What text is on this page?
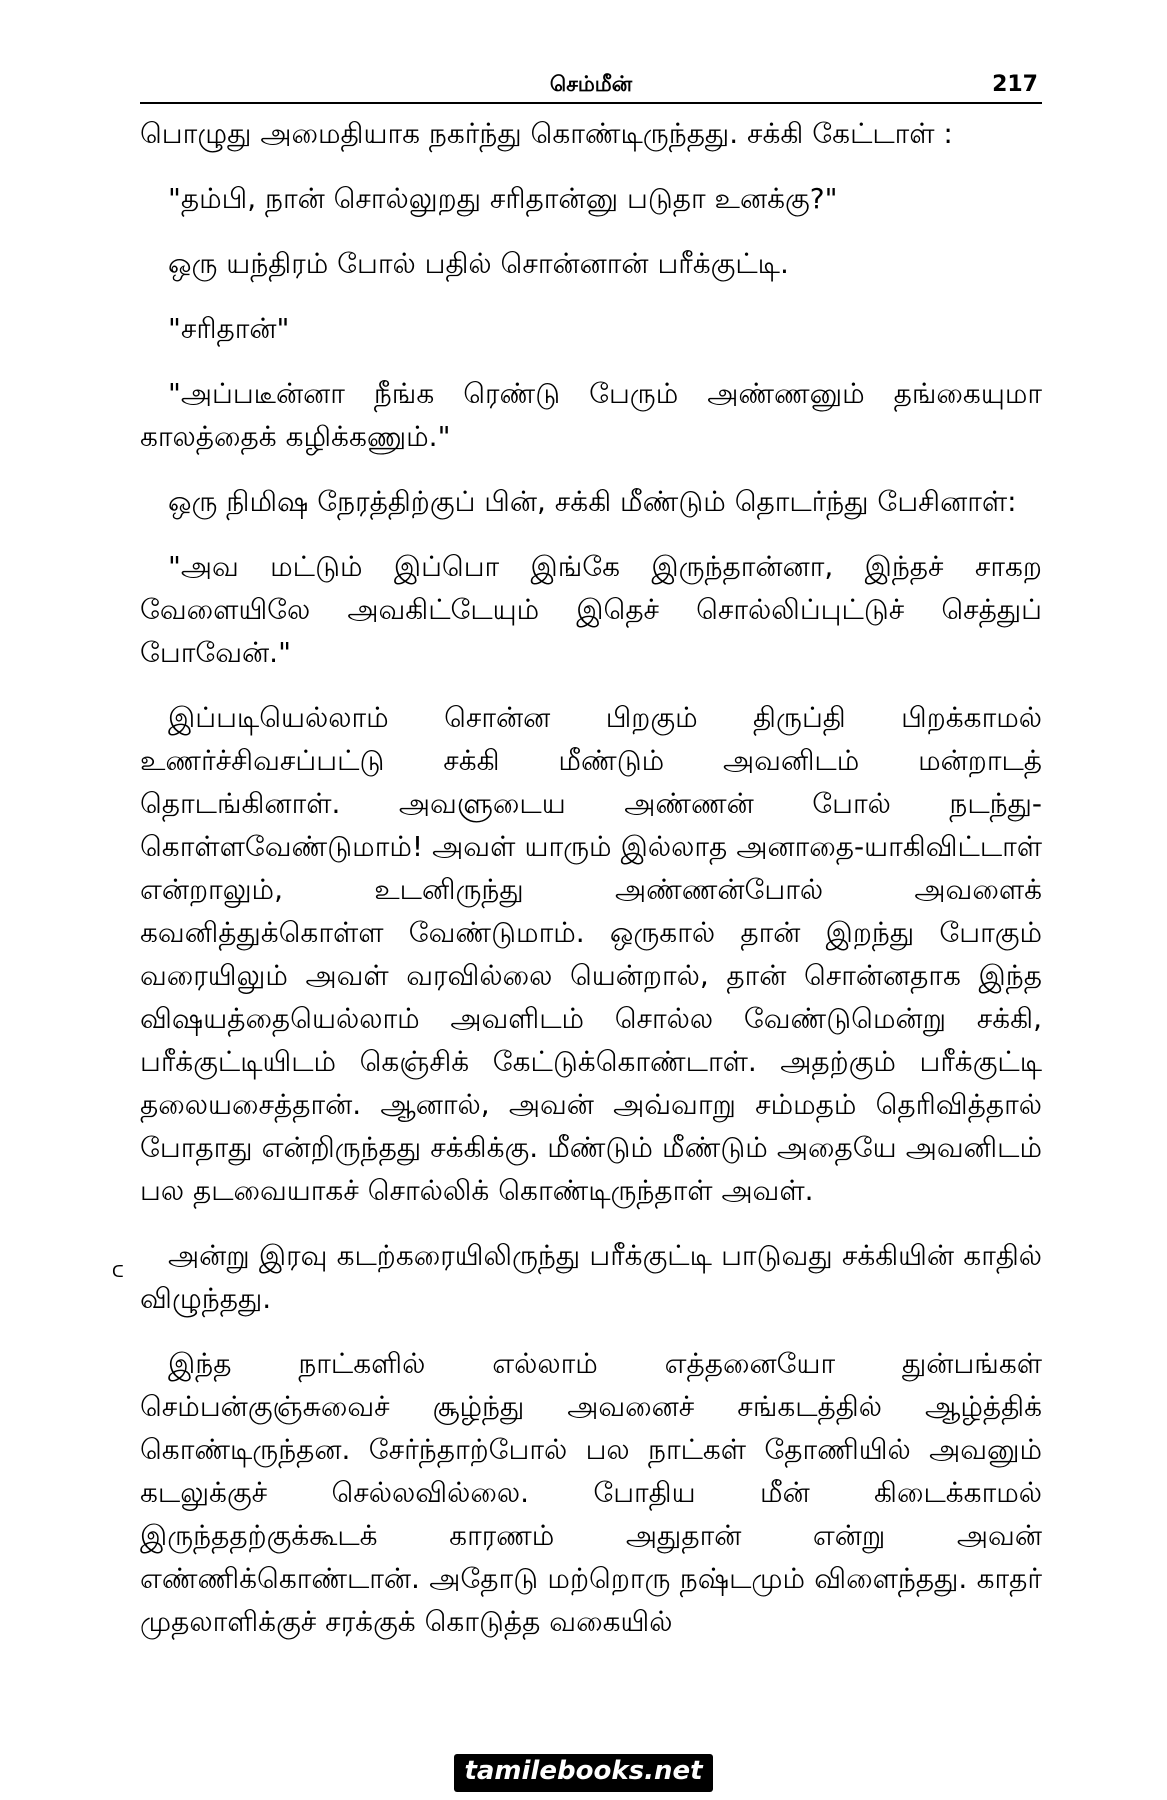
செம்மீன்	217

பொழுது அமைதியாக நகர்ந்து கொண்டிருந்தது. சக்கி கேட்டாள் :

"தம்பி, நான் சொல்லுறது சரிதான்னு படுதா உனக்கு?"

ஒரு யந்திரம் போல் பதில் சொன்னான் பரீக்குட்டி.

"சரிதான்"

"அப்படீன்னா நீங்க ரெண்டு பேரும் அண்ணனும் தங்கையுமா காலத்தைக் கழிக்கணும்."

ஒரு நிமிஷ நேரத்திற்குப் பின், சக்கி மீண்டும் தொடர்ந்து பேசினாள்:

"அவ மட்டும் இப்பொ இங்கே இருந்தான்னா, இந்தச் சாகற வேளையிலே அவகிட்டேயும் இதெச் சொல்லிப்புட்டுச் செத்துப் போவேன்."

இப்படியெல்லாம் சொன்ன பிறகும் திருப்தி பிறக்காமல் உணர்ச்சிவசப்பட்டு சக்கி மீண்டும் அவனிடம் மன்றாடத் தொடங்கினாள். அவளுடைய அண்ணன் போல் நடந்து-கொள்ளவேண்டுமாம்! அவள் யாரும் இல்லாத அனாதை-யாகிவிட்டாள் என்றாலும், உடனிருந்து அண்ணன்போல் அவளைக் கவனித்துக்கொள்ள வேண்டுமாம். ஒருகால் தான் இறந்து போகும் வரையிலும் அவள் வரவில்லை யென்றால், தான் சொன்னதாக இந்த விஷயத்தையெல்லாம் அவளிடம் சொல்ல வேண்டுமென்று சக்கி, பரீக்குட்டியிடம் கெஞ்சிக் கேட்டுக்கொண்டாள். அதற்கும் பரீக்குட்டி தலையசைத்தான். ஆனால், அவன் அவ்வாறு சம்மதம் தெரிவித்தால் போதாது என்றிருந்தது சக்கிக்கு. மீண்டும் மீண்டும் அதையே அவனிடம் பல தடவையாகச் சொல்லிக் கொண்டிருந்தாள் அவள்.

அன்று இரவு கடற்கரையிலிருந்து பரீக்குட்டி பாடுவது சக்கியின் காதில் விழுந்தது.

இந்த நாட்களில் எல்லாம் எத்தனையோ துன்பங்கள் செம்பன்குஞ்சுவைச் சூழ்ந்து அவனைச் சங்கடத்தில் ஆழ்த்திக் கொண்டிருந்தன. சேர்ந்தாற்போல் பல நாட்கள் தோணியில் அவனும் கடலுக்குச் செல்லவில்லை. போதிய மீன் கிடைக்காமல் இருந்ததற்குக்கூடக் காரணம் அதுதான் என்று அவன் எண்ணிக்கொண்டான். அதோடு மற்றொரு நஷ்டமும் விளைந்தது. காதர் முதலாளிக்குச் சரக்குக் கொடுத்த வகையில்

ᑕ
tamilebooks.net
